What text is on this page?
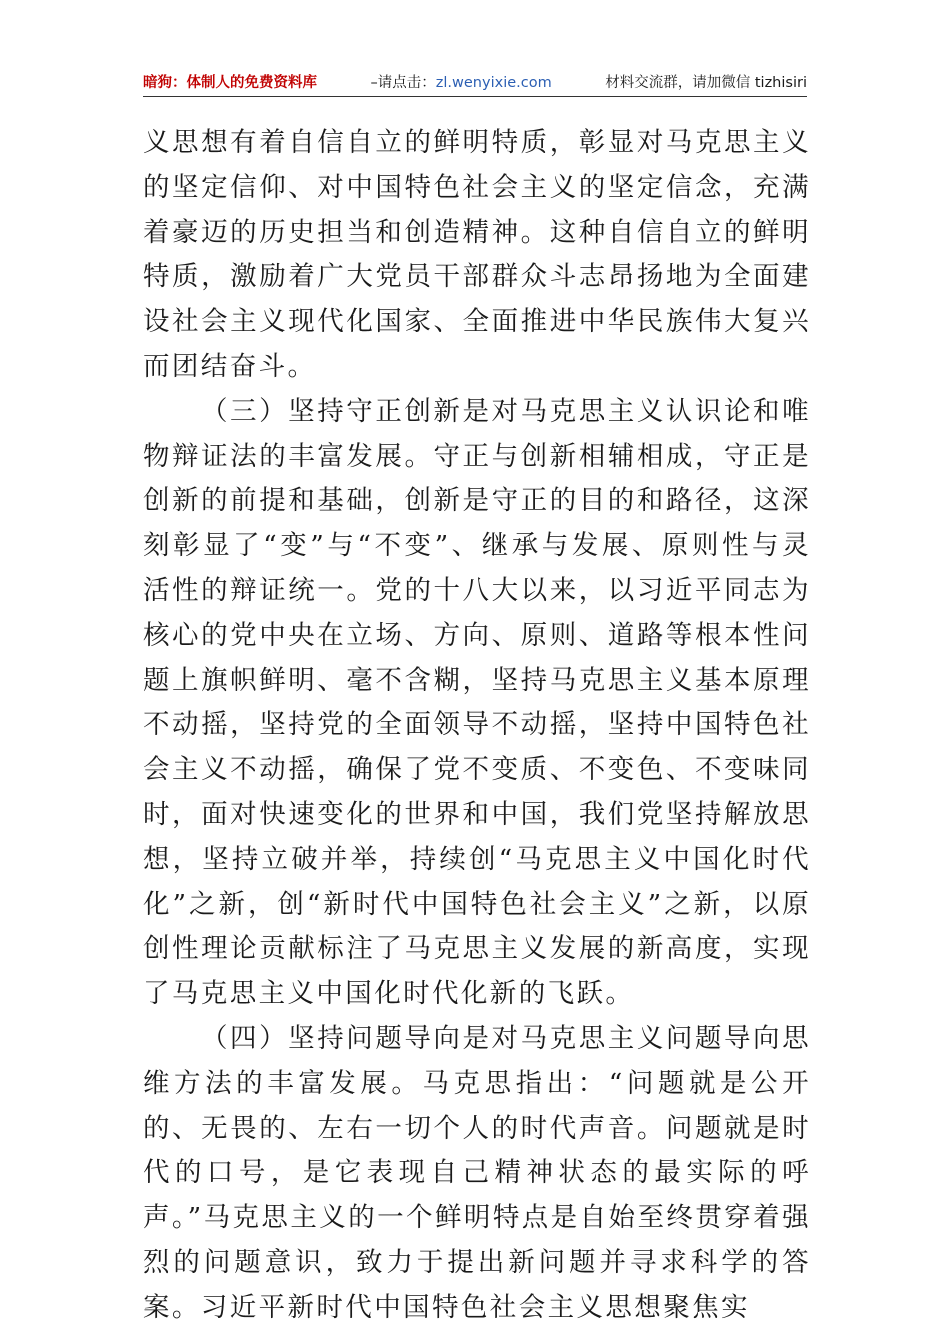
暗狗：体制人的免费资料库	–请点击：zl.wenyixie.com	材料交流群，请加微信 tizhisiri

义思想有着自信自立的鲜明特质，彰显对马克思主义的坚定信仰、对中国特色社会主义的坚定信念，充满着豪迈的历史担当和创造精神。这种自信自立的鲜明特质，激励着广大党员干部群众斗志昂扬地为全面建设社会主义现代化国家、全面推进中华民族伟大复兴而团结奋斗。

（三）坚持守正创新是对马克思主义认识论和唯物辩证法的丰富发展。守正与创新相辅相成，守正是创新的前提和基础，创新是守正的目的和路径，这深刻彰显了“变”与“不变”、继承与发展、原则性与灵活性的辩证统一。党的十八大以来，以习近平同志为核心的党中央在立场、方向、原则、道路等根本性问题上旗帜鲜明、毫不含糊，坚持马克思主义基本原理不动摇，坚持党的全面领导不动摇，坚持中国特色社会主义不动摇，确保了党不变质、不变色、不变味同时，面对快速变化的世界和中国，我们党坚持解放思想，坚持立破并举，持续创“马克思主义中国化时代化”之新，创“新时代中国特色社会主义”之新，以原创性理论贡献标注了马克思主义发展的新高度，实现了马克思主义中国化时代化新的飞跃。

（四）坚持问题导向是对马克思主义问题导向思维方法的丰富发展。马克思指出：“问题就是公开的、无畏的、左右一切个人的时代声音。问题就是时代的口号，是它表现自己精神状态的最实际的呼声。”马克思主义的一个鲜明特点是自始至终贯穿着强烈的问题意识，致力于提出新问题并寻求科学的答案。习近平新时代中国特色社会主义思想聚焦实
